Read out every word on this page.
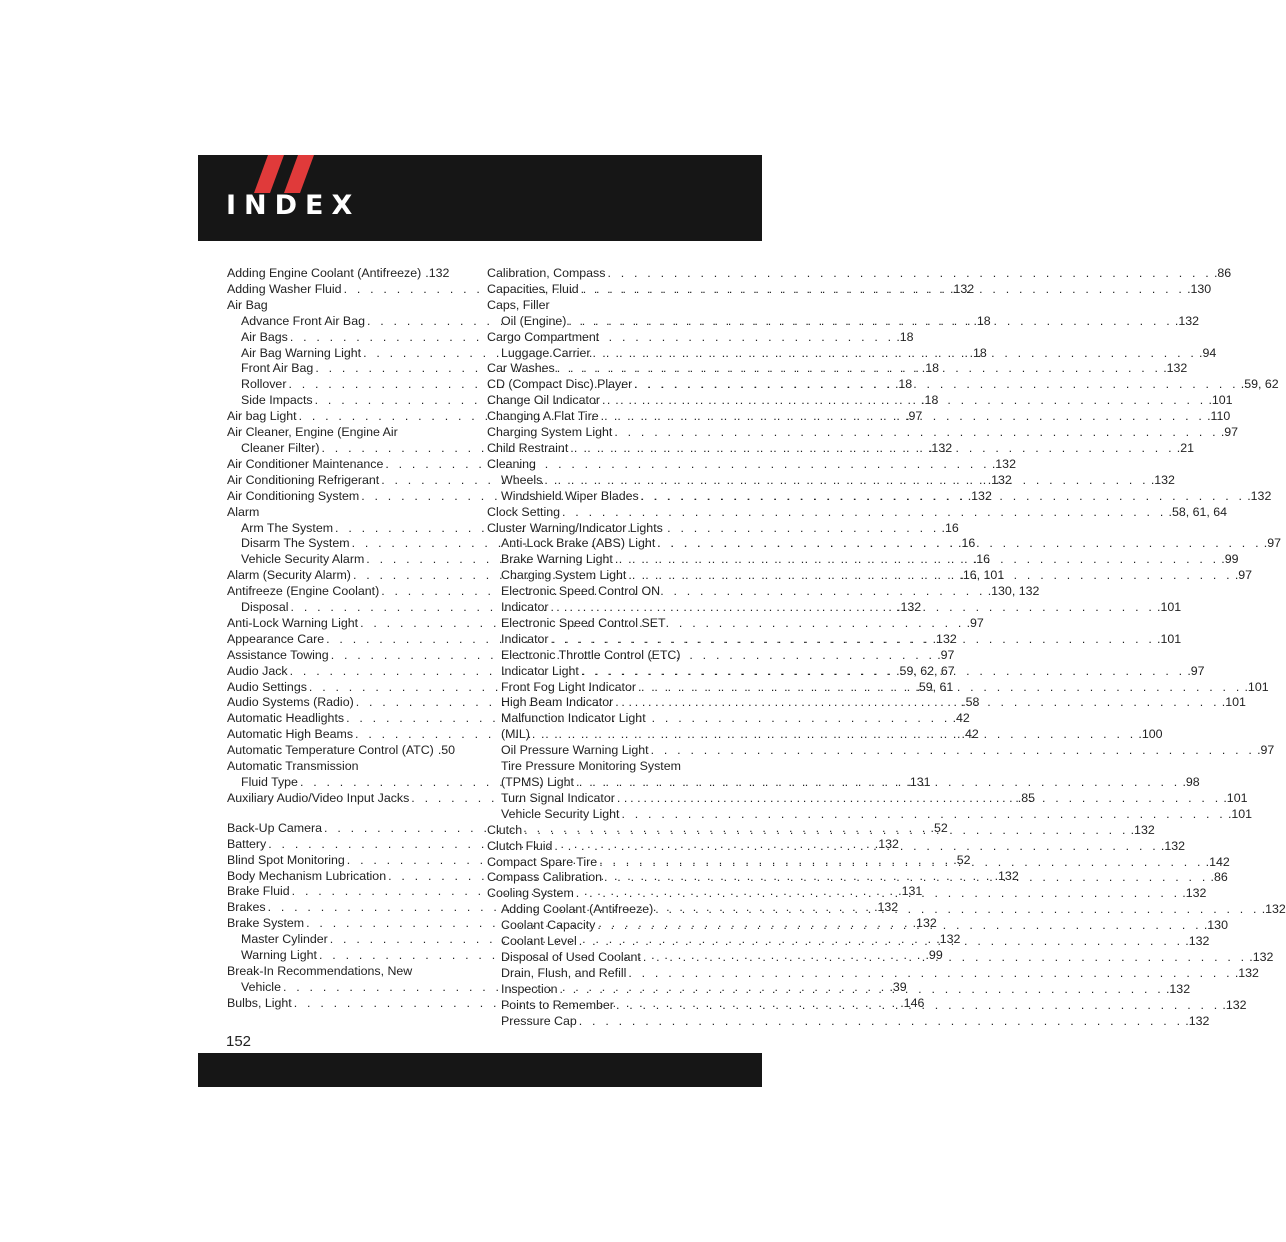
INDEX
Adding Engine Coolant (Antifreeze) .132
Adding Washer Fluid . . .	.132
Air Bag
Advance Front Air Bag . . .	.18
Air Bags . . .	.18
Air Bag Warning Light . . .	.18
Front Air Bag . . .	.18
Rollover . . .	.18
Side Impacts . . .	.18
Air bag Light . . .	.97
Air Cleaner, Engine (Engine Air
Cleaner Filter) . . .	.132
Air Conditioner Maintenance . . .	.132
Air Conditioning Refrigerant . . .	.132
Air Conditioning System . . .	.132
Alarm
Arm The System . . .	.16
Disarm The System . . .	.16
Vehicle Security Alarm . . .	.16
Alarm (Security Alarm) . . .	.16, 101
Antifreeze (Engine Coolant) . . .	.130, 132
Disposal . . .	.132
Anti-Lock Warning Light . . .	.97
Appearance Care . . .	.132
Assistance Towing . . .	.97
Audio Jack . . .	.59, 62, 67
Audio Settings . . .	.59, 61
Audio Systems (Radio) . . .	.58
Automatic Headlights . . .	.42
Automatic High Beams . . .	.42
Automatic Temperature Control (ATC) .50
Automatic Transmission
Fluid Type . . .	.131
Auxiliary Audio/Video Input Jacks . . .	.85
Back-Up Camera . . .	.52
Battery . . .	.132
Blind Spot Monitoring . . .	.52
Body Mechanism Lubrication . . .	.132
Brake Fluid . . .	.131
Brakes . . .	.132
Brake System . . .	.132
Master Cylinder . . .	.132
Warning Light . . .	.99
Break-In Recommendations, New
Vehicle . . .	.39
Bulbs, Light . . .	.146
Calibration, Compass . . .	.86
Capacities, Fluid . . .	.130
Caps, Filler
Oil (Engine) . . .	.132
Cargo Compartment
Luggage Carrier . . .	.94
Car Washes . . .	.132
CD (Compact Disc) Player . . .	.59, 62
Change Oil Indicator . . .	.101
Changing A Flat Tire . . .	.110
Charging System Light . . .	.97
Child Restraint . . .	.21
Cleaning
Wheels . . .	.132
Windshield Wiper Blades . . .	.132
Clock Setting . . .	.58, 61, 64
Cluster Warning/Indicator Lights
Anti-Lock Brake (ABS) Light . . .	.97
Brake Warning Light . . .	.99
Charging System Light . . .	.97
Electronic Speed Control ON
Indicator . . .	.101
Electronic Speed Control SET
Indicator . . .	.101
Electronic Throttle Control (ETC)
Indicator Light . . .	.97
Front Fog Light Indicator . . .	.101
High Beam Indicator . . .	.101
Malfunction Indicator Light
(MIL) . . .	.100
Oil Pressure Warning Light . . .	.97
Tire Pressure Monitoring System
(TPMS) Light . . .	.98
Turn Signal Indicator . . .	.101
Vehicle Security Light . . .	.101
Clutch . . .	.132
Clutch Fluid . . .	.132
Compact Spare Tire . . .	.142
Compass Calibration . . .	.86
Cooling System . . .	.132
Adding Coolant (Antifreeze) . . .	.132
Coolant Capacity . . .	.130
Coolant Level . . .	.132
Disposal of Used Coolant . . .	.132
Drain, Flush, and Refill . . .	.132
Inspection . . .	.132
Points to Remember . . .	.132
Pressure Cap . . .	.132
152
